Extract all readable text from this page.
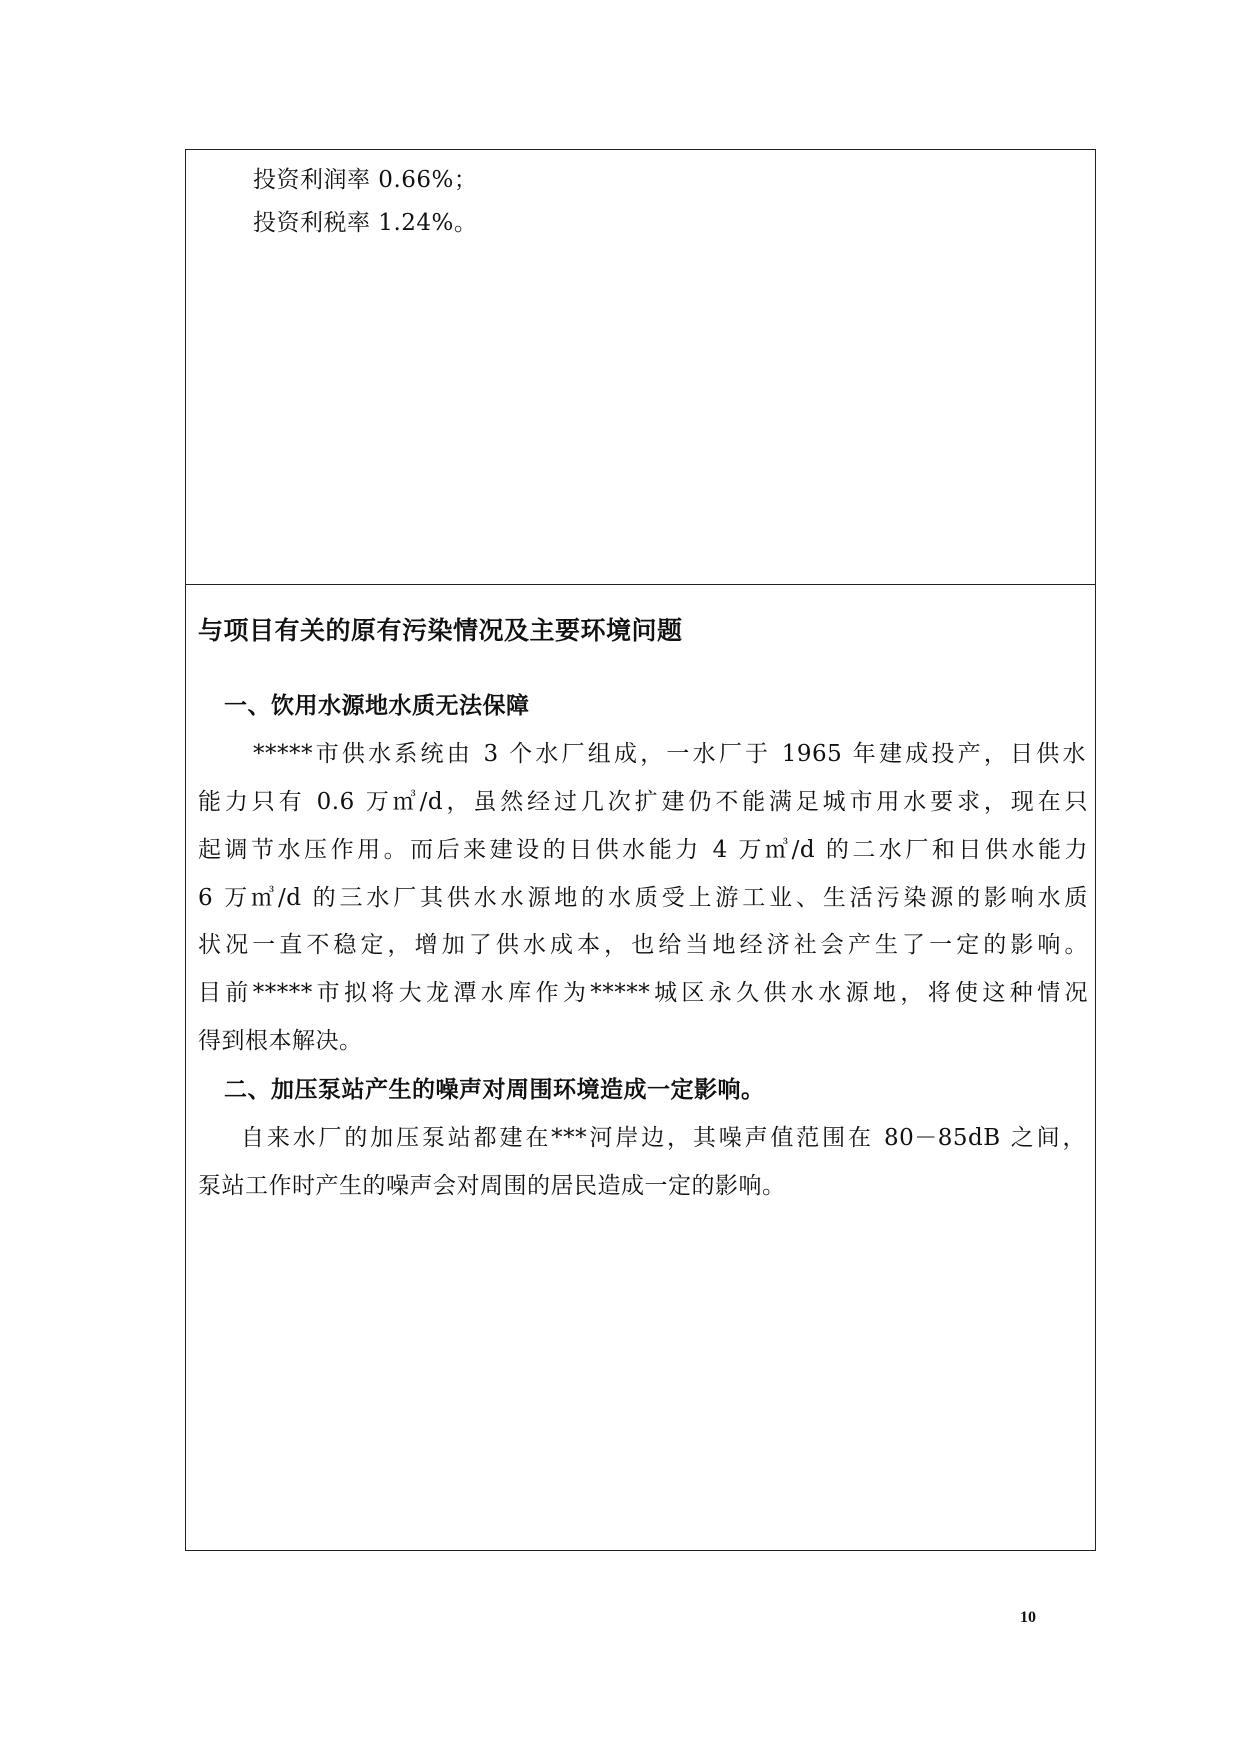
投资利润率 0.66%；
投资利税率 1.24%。
与项目有关的原有污染情况及主要环境问题
一、饮用水源地水质无法保障
*****市供水系统由 3 个水厂组成，一水厂于 1965 年建成投产，日供水
能力只有 0.6 万㎥/d，虽然经过几次扩建仍不能满足城市用水要求，现在只
起调节水压作用。而后来建设的日供水能力 4 万㎥/d 的二水厂和日供水能力
6 万㎥/d 的三水厂其供水水源地的水质受上游工业、生活污染源的影响水质
状况一直不稳定，增加了供水成本，也给当地经济社会产生了一定的影响。
目前*****市拟将大龙潭水库作为*****城区永久供水水源地，将使这种情况
得到根本解决。
二、加压泵站产生的噪声对周围环境造成一定影响。
自来水厂的加压泵站都建在***河岸边，其噪声值范围在 80－85dB 之间，
泵站工作时产生的噪声会对周围的居民造成一定的影响。
10
